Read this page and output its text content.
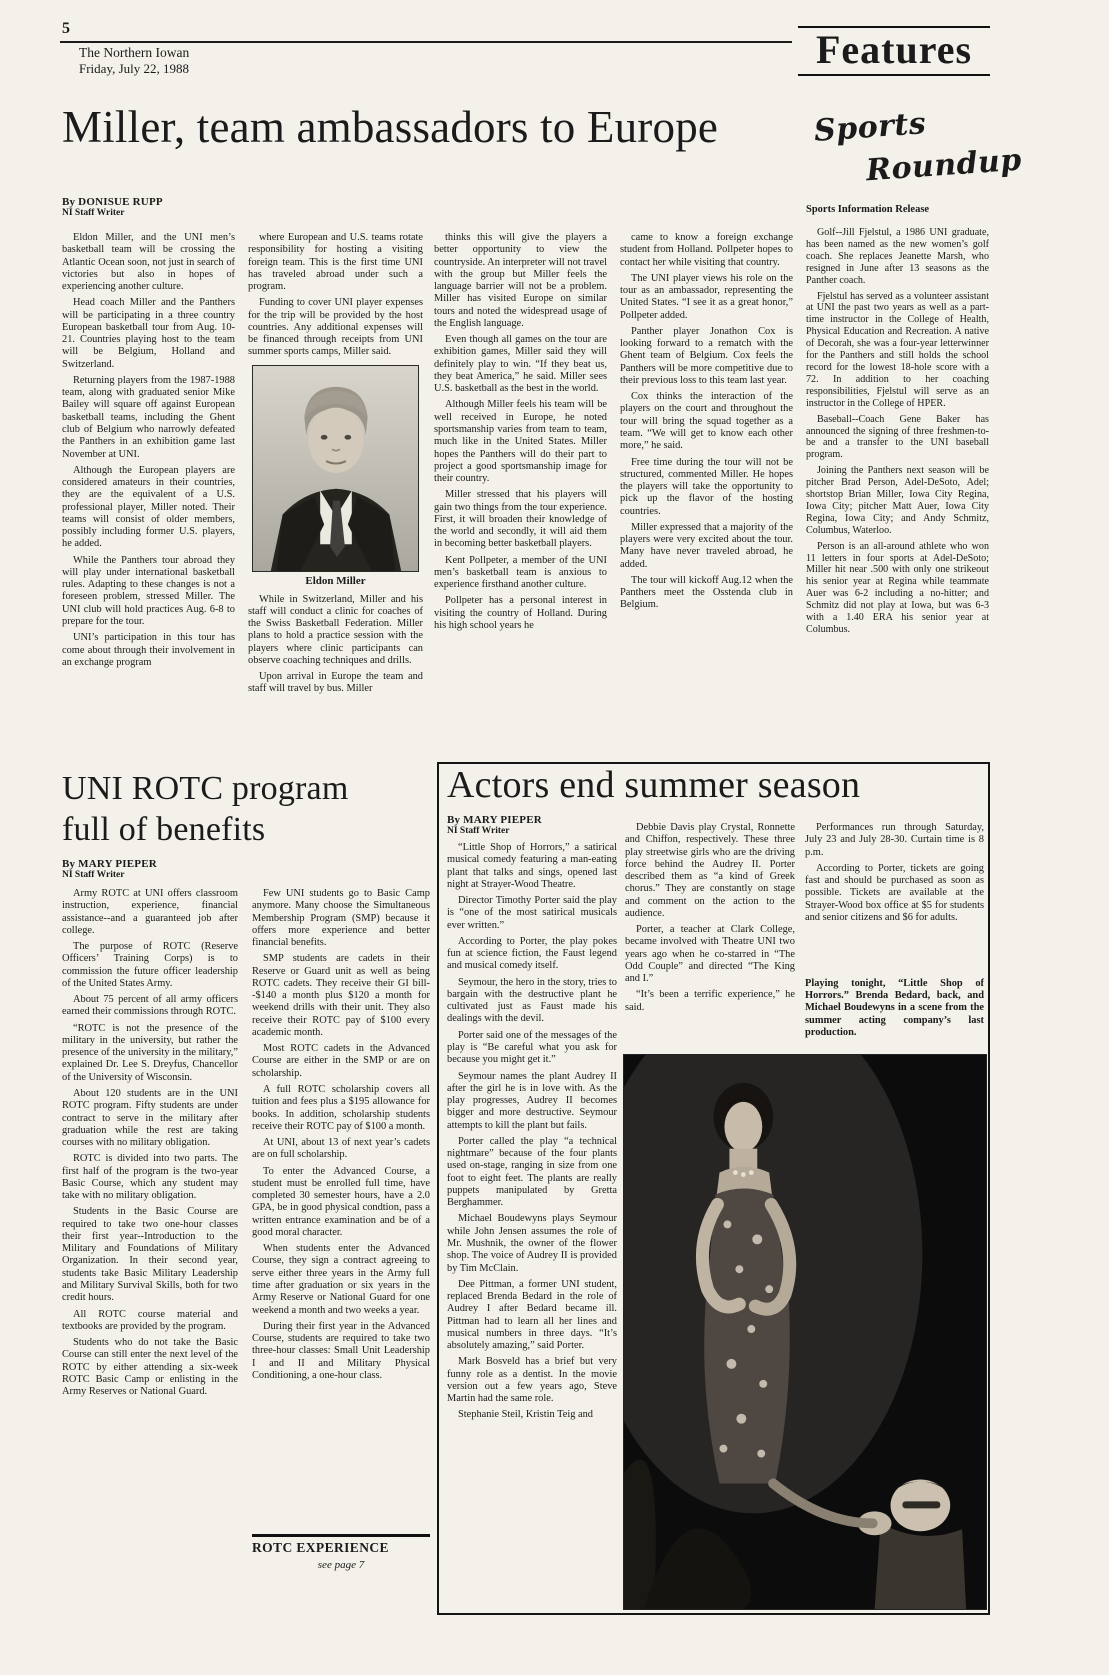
5
The Northern Iowan
Friday, July 22, 1988	Features
Miller, team ambassadors to Europe
By DONISUE RUPP
NI Staff Writer

Eldon Miller, and the UNI men’s basketball team will be crossing the Atlantic Ocean soon, not just in search of victories but also in hopes of experiencing another culture.

Head coach Miller and the Panthers will be participating in a three country European basketball tour from Aug. 10-21. Countries playing host to the team will be Belgium, Holland and Switzerland.

Returning players from the 1987-1988 team, along with graduated senior Mike Bailey will square off against European basketball teams, including the Ghent club of Belgium who narrowly defeated the Panthers in an exhibition game last November at UNI.

Although the European players are considered amateurs in their countries, they are the equivalent of a U.S. professional player, Miller noted. Their teams will consist of older members, possibly including former U.S. players, he added.

While the Panthers tour abroad they will play under international basketball rules. Adapting to these changes is not a foreseen problem, stressed Miller. The UNI club will hold practices Aug. 6-8 to prepare for the tour.

UNI’s participation in this tour has come about through their involvement in an exchange program

where European and U.S. teams rotate responsibility for hosting a visiting foreign team. This is the first time UNI has traveled abroad under such a program.

Funding to cover UNI player expenses for the trip will be provided by the host countries. Any additional expenses will be financed through receipts from UNI summer sports camps, Miller said.

Eldon Miller

While in Switzerland, Miller and his staff will conduct a clinic for coaches of the Swiss Basketball Federation. Miller plans to hold a practice session with the players where clinic participants can observe coaching techniques and drills.

Upon arrival in Europe the team and staff will travel by bus. Miller

thinks this will give the players a better opportunity to view the countryside. An interpreter will not travel with the group but Miller feels the language barrier will not be a problem. Miller has visited Europe on similar tours and noted the widespread usage of the English language.

Even though all games on the tour are exhibition games, Miller said they will definitely play to win. “If they beat us, they beat America,” he said. Miller sees U.S. basketball as the best in the world.

Although Miller feels his team will be well received in Europe, he noted sportsmanship varies from team to team, much like in the United States. Miller hopes the Panthers will do their part to project a good sportsmanship image for their country.

Miller stressed that his players will gain two things from the tour experience. First, it will broaden their knowledge of the world and secondly, it will aid them in becoming better basketball players.

Kent Pollpeter, a member of the UNI men’s basketball team is anxious to experience firsthand another culture.

Pollpeter has a personal interest in visiting the country of Holland. During his high school years he

came to know a foreign exchange student from Holland. Pollpeter hopes to contact her while visiting that country.

The UNI player views his role on the tour as an ambassador, representing the United States. “I see it as a great honor,” Pollpeter added.

Panther player Jonathon Cox is looking forward to a rematch with the Ghent team of Belgium. Cox feels the Panthers will be more competitive due to their previous loss to this team last year.

Cox thinks the interaction of the players on the court and throughout the tour will bring the squad together as a team. “We will get to know each other more,” he said.

Free time during the tour will not be structured, commented Miller. He hopes the players will take the opportunity to pick up the flavor of the hosting countries.

Miller expressed that a majority of the players were very excited about the tour. Many have never traveled abroad, he added.

The tour will kickoff Aug.12 when the Panthers meet the Osstenda club in Belgium.

Sports
Roundup
Sports Information Release

Golf--Jill Fjelstul, a 1986 UNI graduate, has been named as the new women’s golf coach. She replaces Jeanette Marsh, who resigned in June after 13 seasons as the Panther coach.

Fjelstul has served as a volunteer assistant at UNI the past two years as well as a part-time instructor in the College of Health, Physical Education and Recreation. A native of Decorah, she was a four-year letterwinner for the Panthers and still holds the school record for the lowest 18-hole score with a 72. In addition to her coaching responsibilities, Fjelstul will serve as an instructor in the College of HPER.

Baseball--Coach Gene Baker has announced the signing of three freshmen-to-be and a transfer to the UNI baseball program.

Joining the Panthers next season will be pitcher Brad Person, Adel-DeSoto, Adel; shortstop Brian Miller, Iowa City Regina, Iowa City; pitcher Matt Auer, Iowa City Regina, Iowa City; and Andy Schmitz, Columbus, Waterloo.

Person is an all-around athlete who won 11 letters in four sports at Adel-DeSoto; Miller hit near .500 with only one strikeout his senior year at Regina while teammate Auer was 6-2 including a no-hitter; and Schmitz did not play at Iowa, but was 6-3 with a 1.40 ERA his senior year at Columbus.

UNI ROTC program
full of benefits
By MARY PIEPER
NI Staff Writer

Army ROTC at UNI offers classroom instruction, experience, financial assistance--and a guaranteed job after college.

The purpose of ROTC (Reserve Officers’ Training Corps) is to commission the future officer leadership of the United States Army.

About 75 percent of all army officers earned their commissions through ROTC.

“ROTC is not the presence of the military in the university, but rather the presence of the university in the military,” explained Dr. Lee S. Dreyfus, Chancellor of the University of Wisconsin.

About 120 students are in the UNI ROTC program. Fifty students are under contract to serve in the military after graduation while the rest are taking courses with no military obligation.

ROTC is divided into two parts. The first half of the program is the two-year Basic Course, which any student may take with no military obligation.

Students in the Basic Course are required to take two one-hour classes their first year--Introduction to the Military and Foundations of Military Organization. In their second year, students take Basic Military Leadership and Military Survival Skills, both for two credit hours.

All ROTC course material and textbooks are provided by the program.

Students who do not take the Basic Course can still enter the next level of the ROTC by either attending a six-week ROTC Basic Camp or enlisting in the Army Reserves or National Guard.

Few UNI students go to Basic Camp anymore. Many choose the Simultaneous Membership Program (SMP) because it offers more experience and better financial benefits.

SMP students are cadets in their Reserve or Guard unit as well as being ROTC cadets. They receive their GI bill--$140 a month plus $120 a month for weekend drills with their unit. They also receive their ROTC pay of $100 every academic month.

Most ROTC cadets in the Advanced Course are either in the SMP or are on scholarship.

A full ROTC scholarship covers all tuition and fees plus a $195 allowance for books. In addition, scholarship students receive their ROTC pay of $100 a month.

At UNI, about 13 of next year’s cadets are on full scholarship.

To enter the Advanced Course, a student must be enrolled full time, have completed 30 semester hours, have a 2.0 GPA, be in good physical condtion, pass a written entrance examination and be of a good moral character.

When students enter the Advanced Course, they sign a contract agreeing to serve either three years in the Army full time after graduation or six years in the Army Reserve or National Guard for one weekend a month and two weeks a year.

During their first year in the Advanced Course, students are required to take two three-hour classes: Small Unit Leadership I and II and Military Physical Conditioning, a one-hour class.

ROTC EXPERIENCE
see page 7
Actors end summer season
By MARY PIEPER
NI Staff Writer

“Little Shop of Horrors,” a satirical musical comedy featuring a man-eating plant that talks and sings, opened last night at Strayer-Wood Theatre.

Director Timothy Porter said the play is “one of the most satirical musicals ever written.”

According to Porter, the play pokes fun at science fiction, the Faust legend and musical comedy itself.

Seymour, the hero in the story, tries to bargain with the destructive plant he cultivated just as Faust made his dealings with the devil.

Porter said one of the messages of the play is “Be careful what you ask for because you might get it.”

Seymour names the plant Audrey II after the girl he is in love with. As the play progresses, Audrey II becomes bigger and more destructive. Seymour attempts to kill the plant but fails.

Porter called the play “a technical nightmare” because of the four plants used on-stage, ranging in size from one foot to eight feet. The plants are really puppets manipulated by Gretta Berghammer.

Michael Boudewyns plays Seymour while John Jensen assumes the role of Mr. Mushnik, the owner of the flower shop. The voice of Audrey II is provided by Tim McClain.

Dee Pittman, a former UNI student, replaced Brenda Bedard in the role of Audrey I after Bedard became ill. Pittman had to learn all her lines and musical numbers in three days. “It’s absolutely amazing,” said Porter.

Mark Bosveld has a brief but very funny role as a dentist. In the movie version out a few years ago, Steve Martin had the same role.

Stephanie Steil, Kristin Teig and

Debbie Davis play Crystal, Ronnette and Chiffon, respectively. These three play streetwise girls who are the driving force behind the Audrey II. Porter described them as “a kind of Greek chorus.” They are constantly on stage and comment on the action to the audience.

Porter, a teacher at Clark College, became involved with Theatre UNI two years ago when he co-starred in “The Odd Couple” and directed “The King and I.”

“It’s been a terrific experience,” he said.

Performances run through Saturday, July 23 and July 28-30. Curtain time is 8 p.m.

According to Porter, tickets are going fast and should be purchased as soon as possible. Tickets are available at the Strayer-Wood box office at $5 for students and senior citizens and $6 for adults.

Playing tonight, “Little Shop of Horrors.” Brenda Bedard, back, and Michael Boudewyns in a scene from the summer acting company’s last production.
